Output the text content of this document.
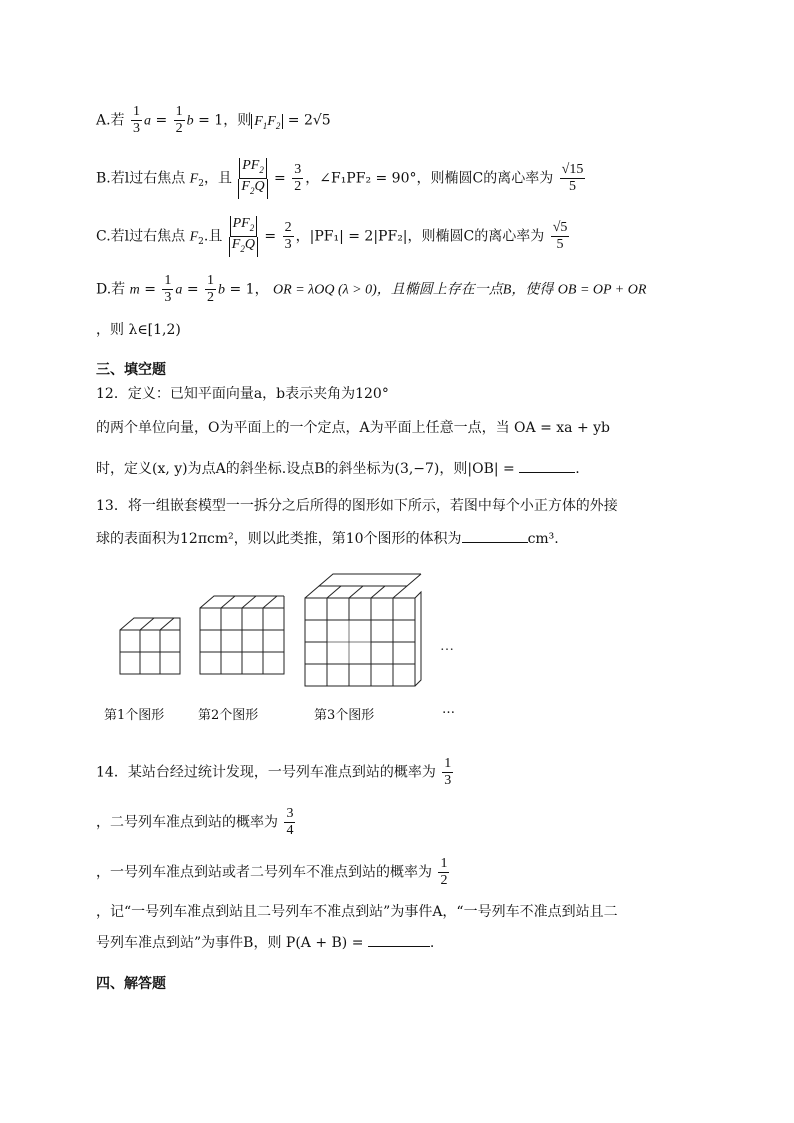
A.若 $\frac{1}{3}$ $a = \frac{1}{2}$ b = 1，则 $F_1F_2 = 2√5$
B.若l过右焦点 $F_2$，且 $\frac{PF_2}{F_2Q} = \frac{3}{2}$ ，∠F₁PF₂ = 90°，则椭圆C的离心率为 $\frac{√15}{5}$
C.若l过右焦点 $F_2$.且 $\frac{PF_2}{F_2Q} = \frac{2}{3}$ ，|PF₁| = 2|PF₂|，则椭圆C的离心率为 $\frac{√5}{5}$
D.若 $m = \frac{1}{3}$ $a = \frac{1}{2}$ b = 1， OR = λOQ (λ > 0)，且椭圆上存在一点B，使得 OB = OP + OR
，则 λ∈[1,2)
三、填空题
12．定义：已知平面向量a，b表示夹角为120°
的两个单位向量，O为平面上的一个定点，A为平面上任意一点，当 OA = xa + yb
时，定义(x, y)为点A的斜坐标.设点B的斜坐标为(3,−7)，则|OB| =	.
13．将一组嵌套模型一一拆分之后所得的图形如下所示，若图中每个小正方体的外接
球的表面积为12πcm²，则以此类推，第10个图形的体积为	cm³.
…
第1个图形	第2个图形	第3个图形	…
14．某站台经过统计发现，一号列车准点到站的概率为 $\frac{1}{3}$
，二号列车准点到站的概率为 $\frac{3}{4}$
，一号列车准点到站或者二号列车不准点到站的概率为 $\frac{1}{2}$
，记“一号列车准点到站且二号列车不准点到站”为事件A，“一号列车不准点到站且二
号列车准点到站”为事件B，则 P(A + B) =	.
四、解答题
